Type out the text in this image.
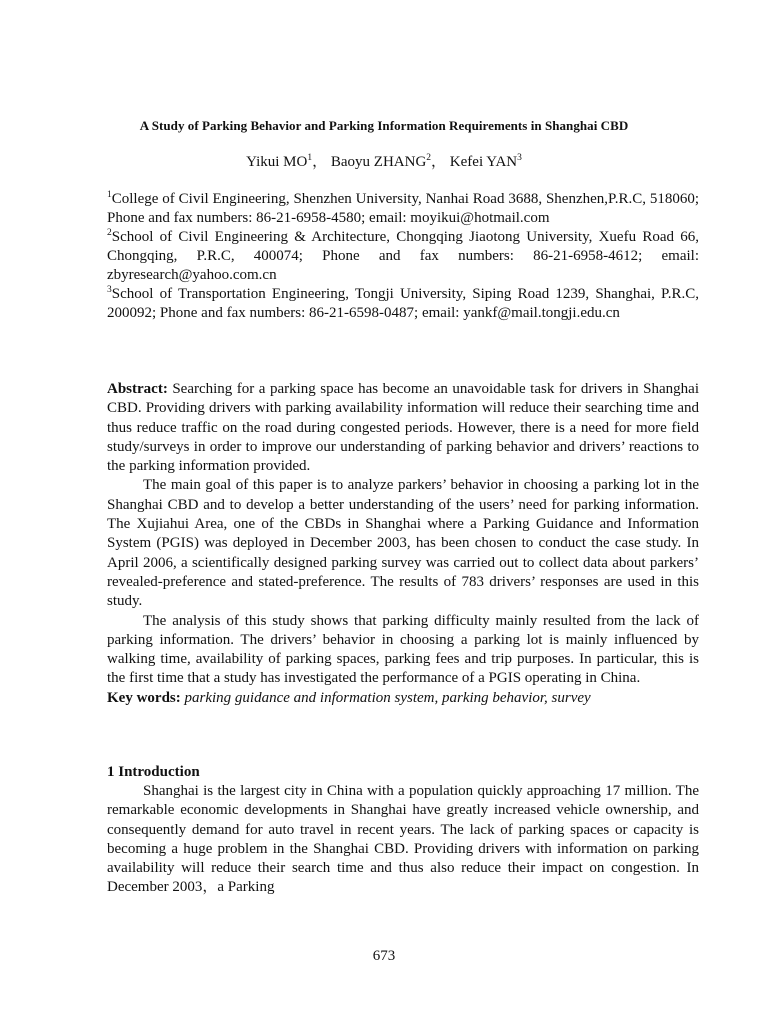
A Study of Parking Behavior and Parking Information Requirements in Shanghai CBD
Yikui $MO^1$， Baoyu ZHANG$^2$， Kefei YAN$^3$

$^1$College of Civil Engineering, Shenzhen University, Nanhai Road 3688, Shenzhen,P.R.C, 518060; Phone and fax numbers: 86-21-6958-4580; email: moyikui@hotmail.com

$^2$School of Civil Engineering & Architecture, Chongqing Jiaotong University, Xuefu Road 66, Chongqing, P.R.C, 400074; Phone and fax numbers: 86-21-6958-4612; email: zbyresearch@yahoo.com.cn

$^3$School of Transportation Engineering, Tongji University, Siping Road 1239, Shanghai, P.R.C, 200092; Phone and fax numbers: 86-21-6598-0487; email: yankf@mail.tongji.edu.cn

Abstract: Searching for a parking space has become an unavoidable task for drivers in Shanghai CBD. Providing drivers with parking availability information will reduce their searching time and thus reduce traffic on the road during congested periods. However, there is a need for more field study/surveys in order to improve our understanding of parking behavior and drivers’ reactions to the parking information provided.

The main goal of this paper is to analyze parkers’ behavior in choosing a parking lot in the Shanghai CBD and to develop a better understanding of the users’ need for parking information. The Xujiahui Area, one of the CBDs in Shanghai where a Parking Guidance and Information System (PGIS) was deployed in December 2003, has been chosen to conduct the case study. In April 2006, a scientifically designed parking survey was carried out to collect data about parkers’ revealed-preference and stated-preference. The results of 783 drivers’ responses are used in this study.

The analysis of this study shows that parking difficulty mainly resulted from the lack of parking information. The drivers’ behavior in choosing a parking lot is mainly influenced by walking time, availability of parking spaces, parking fees and trip purposes. In particular, this is the first time that a study has investigated the performance of a PGIS operating in China.

Key words: parking guidance and information system, parking behavior, survey

1 Introduction

Shanghai is the largest city in China with a population quickly approaching 17 million. The remarkable economic developments in Shanghai have greatly increased vehicle ownership, and consequently demand for auto travel in recent years. The lack of parking spaces or capacity is becoming a huge problem in the Shanghai CBD. Providing drivers with information on parking availability will reduce their search time and thus also reduce their impact on congestion. In December 2003，a Parking

673
